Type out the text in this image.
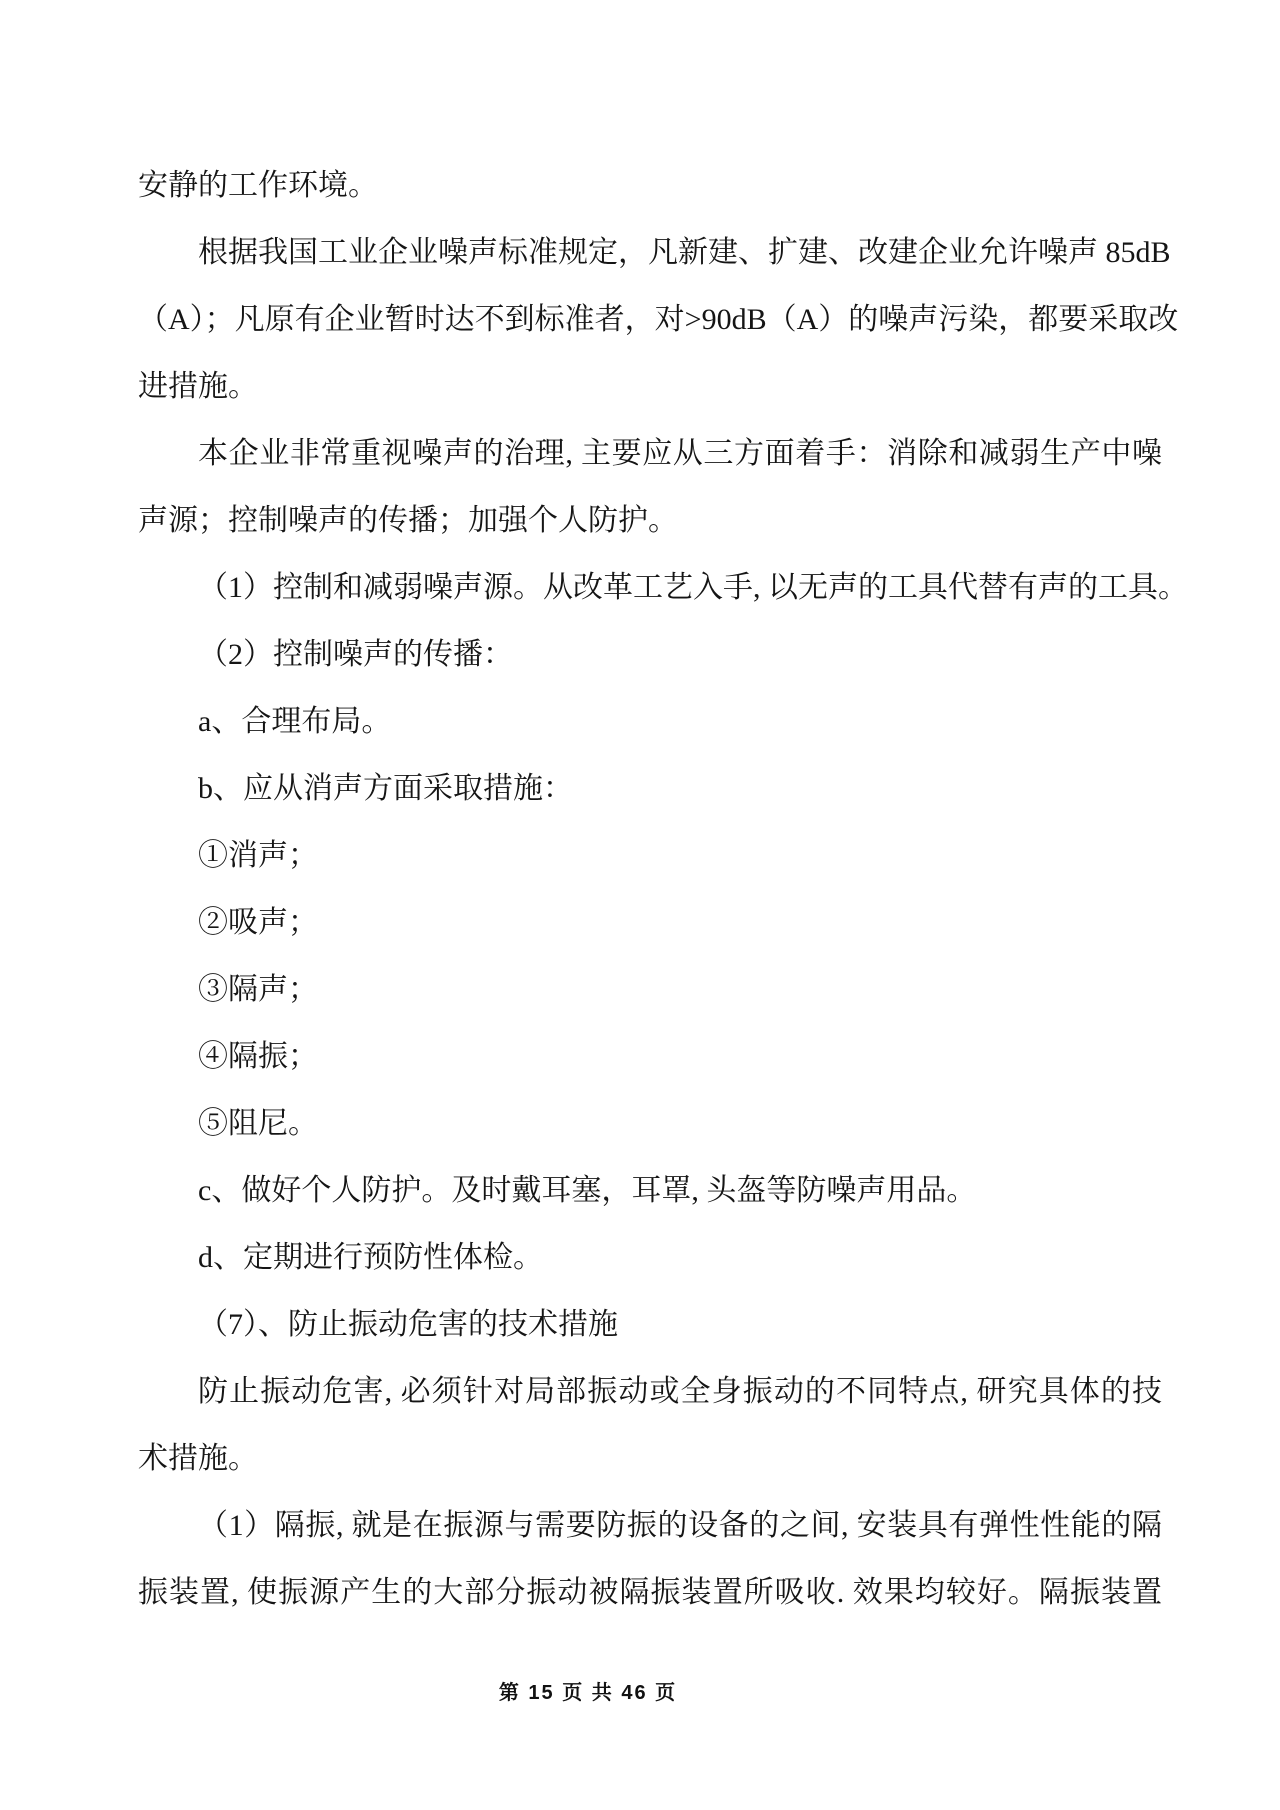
安静的工作环境。
根据我国工业企业噪声标准规定，凡新建、扩建、改建企业允许噪声 85dB
（A）；凡原有企业暂时达不到标准者，对>90dB（A）的噪声污染，都要采取改
进措施。
本企业非常重视噪声的治理, 主要应从三方面着手：消除和减弱生产中噪
声源；控制噪声的传播；加强个人防护。
（1）控制和减弱噪声源。从改革工艺入手, 以无声的工具代替有声的工具。
（2）控制噪声的传播：
a、合理布局。
b、应从消声方面采取措施：
①消声；
②吸声；
③隔声；
④隔振；
⑤阻尼。
c、做好个人防护。及时戴耳塞，耳罩, 头盔等防噪声用品。
d、定期进行预防性体检。
（7）、防止振动危害的技术措施
防止振动危害, 必须针对局部振动或全身振动的不同特点, 研究具体的技
术措施。
（1）隔振, 就是在振源与需要防振的设备的之间, 安装具有弹性性能的隔
振装置, 使振源产生的大部分振动被隔振装置所吸收. 效果均较好。隔振装置
第 15 页 共 46 页
